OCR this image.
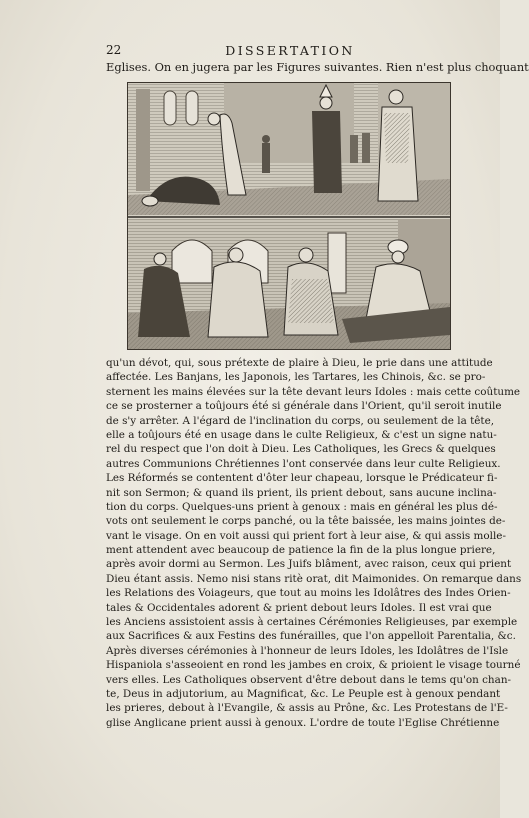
22	DISSERTATION
Eglises. On en jugera par les Figures suivantes. Rien n'est plus choquant
qu'un dévot, qui, sous prétexte de plaire à Dieu, le prie dans une attitude
affectée. Les Banjans, les Japonois, les Tartares, les Chinois, &c. se pro-
sternent les mains élevées sur la tête devant leurs Idoles : mais cette coûtume
ce se prosterner a toûjours été si générale dans l'Orient, qu'il seroit inutile
de s'y arrêter. A l'égard de l'inclination du corps, ou seulement de la tête,
elle a toûjours été en usage dans le culte Religieux, & c'est un signe natu-
rel du respect que l'on doit à Dieu. Les Catholiques, les Grecs & quelques
autres Communions Chrétiennes l'ont conservée dans leur culte Religieux.
Les Réformés se contentent d'ôter leur chapeau, lorsque le Prédicateur fi-
nit son Sermon; & quand ils prient, ils prient debout, sans aucune inclina-
tion du corps. Quelques-uns prient à genoux : mais en général les plus dé-
vots ont seulement le corps panché, ou la tête baissée, les mains jointes de-
vant le visage. On en voit aussi qui prient fort à leur aise, & qui assis molle-
ment attendent avec beaucoup de patience la fin de la plus longue priere,
après avoir dormi au Sermon. Les Juifs blâment, avec raison, ceux qui prient
Dieu étant assis. Nemo nisi stans ritè orat, dit Maimonides. On remarque dans
les Relations des Voiageurs, que tout au moins les Idolâtres des Indes Orien-
tales & Occidentales adorent & prient debout leurs Idoles. Il est vrai que
les Anciens assistoient assis à certaines Cérémonies Religieuses, par exemple
aux Sacrifices & aux Festins des funérailles, que l'on appelloit Parentalia, &c.
Après diverses cérémonies à l'honneur de leurs Idoles, les Idolâtres de l'Isle
Hispaniola s'asseoient en rond les jambes en croix, & prioient le visage tourné
vers elles. Les Catholiques observent d'être debout dans le tems qu'on chan-
te, Deus in adjutorium, au Magnificat, &c. Le Peuple est à genoux pendant
les prieres, debout à l'Evangile, & assis au Prône, &c. Les Protestans de l'E-
glise Anglicane prient aussi à genoux. L'ordre de toute l'Eglise Chrétienne
